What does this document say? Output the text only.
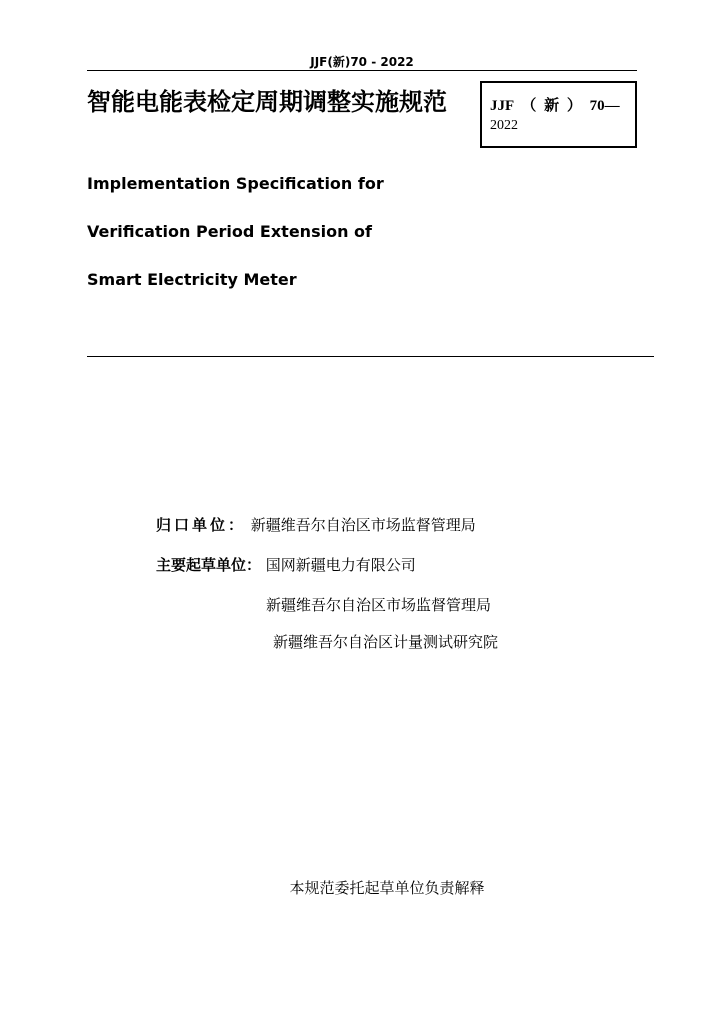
JJF(新)70 - 2022
智能电能表检定周期调整实施规范	JJF （ 新 ） 70—
2022
Implementation Specification for
Verification Period Extension of
Smart Electricity Meter
归口单位： 新疆维吾尔自治区市场监督管理局
主要起草单位： 国网新疆电力有限公司
新疆维吾尔自治区市场监督管理局
新疆维吾尔自治区计量测试研究院
本规范委托起草单位负责解释
